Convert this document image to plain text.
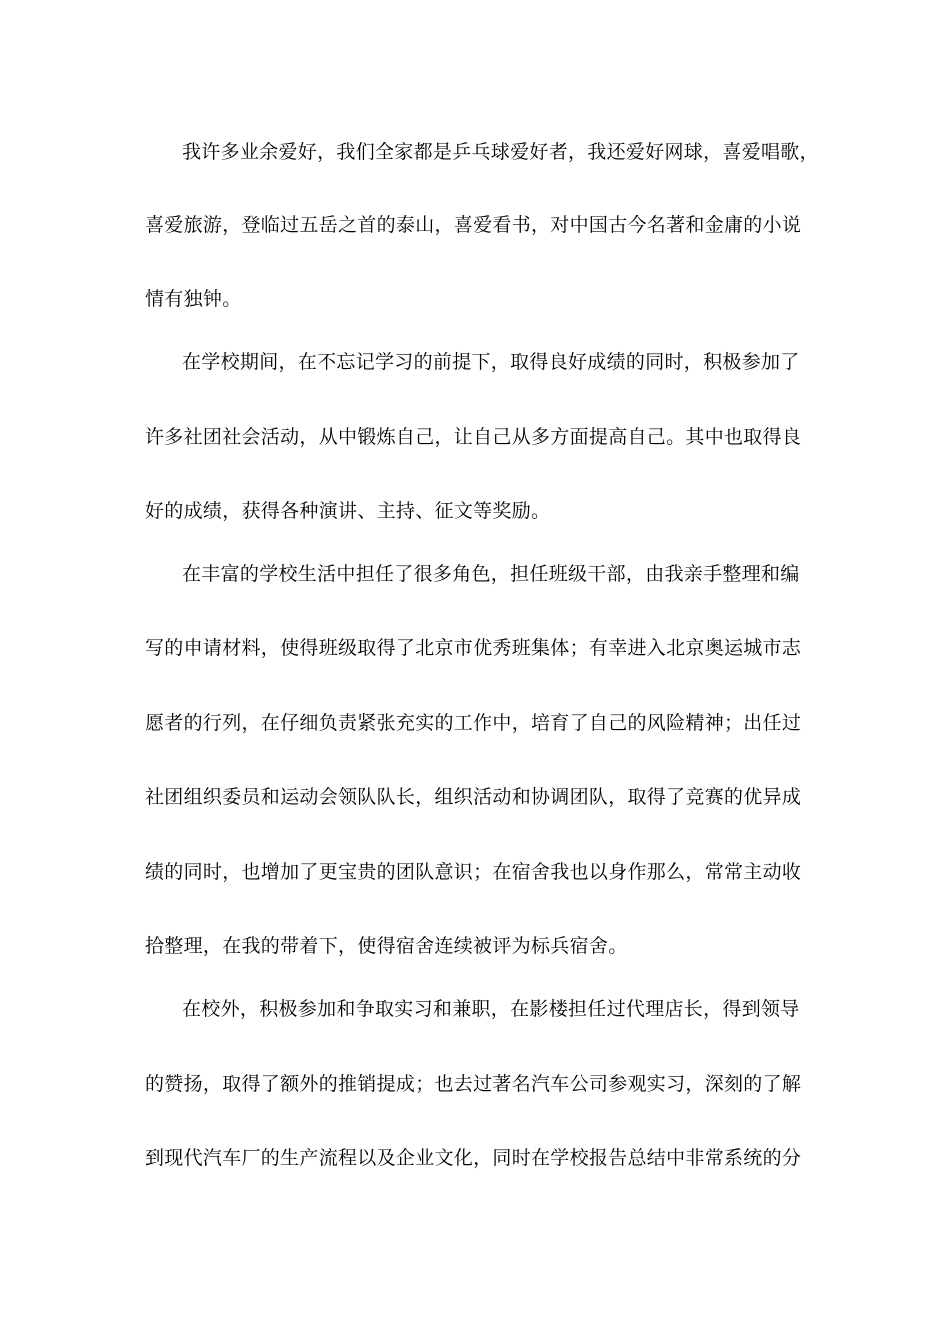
我许多业余爱好，我们全家都是乒乓球爱好者，我还爱好网球，喜爱唱歌，
喜爱旅游，登临过五岳之首的泰山，喜爱看书，对中国古今名著和金庸的小说
情有独钟。
在学校期间，在不忘记学习的前提下，取得良好成绩的同时，积极参加了
许多社团社会活动，从中锻炼自己，让自己从多方面提高自己。其中也取得良
好的成绩，获得各种演讲、主持、征文等奖励。
在丰富的学校生活中担任了很多角色，担任班级干部，由我亲手整理和编
写的申请材料，使得班级取得了北京市优秀班集体；有幸进入北京奥运城市志
愿者的行列，在仔细负责紧张充实的工作中，培育了自己的风险精神；出任过
社团组织委员和运动会领队队长，组织活动和协调团队，取得了竞赛的优异成
绩的同时，也增加了更宝贵的团队意识；在宿舍我也以身作那么，常常主动收
拾整理，在我的带着下，使得宿舍连续被评为标兵宿舍。
在校外，积极参加和争取实习和兼职，在影楼担任过代理店长，得到领导
的赞扬，取得了额外的推销提成；也去过著名汽车公司参观实习，深刻的了解
到现代汽车厂的生产流程以及企业文化，同时在学校报告总结中非常系统的分
